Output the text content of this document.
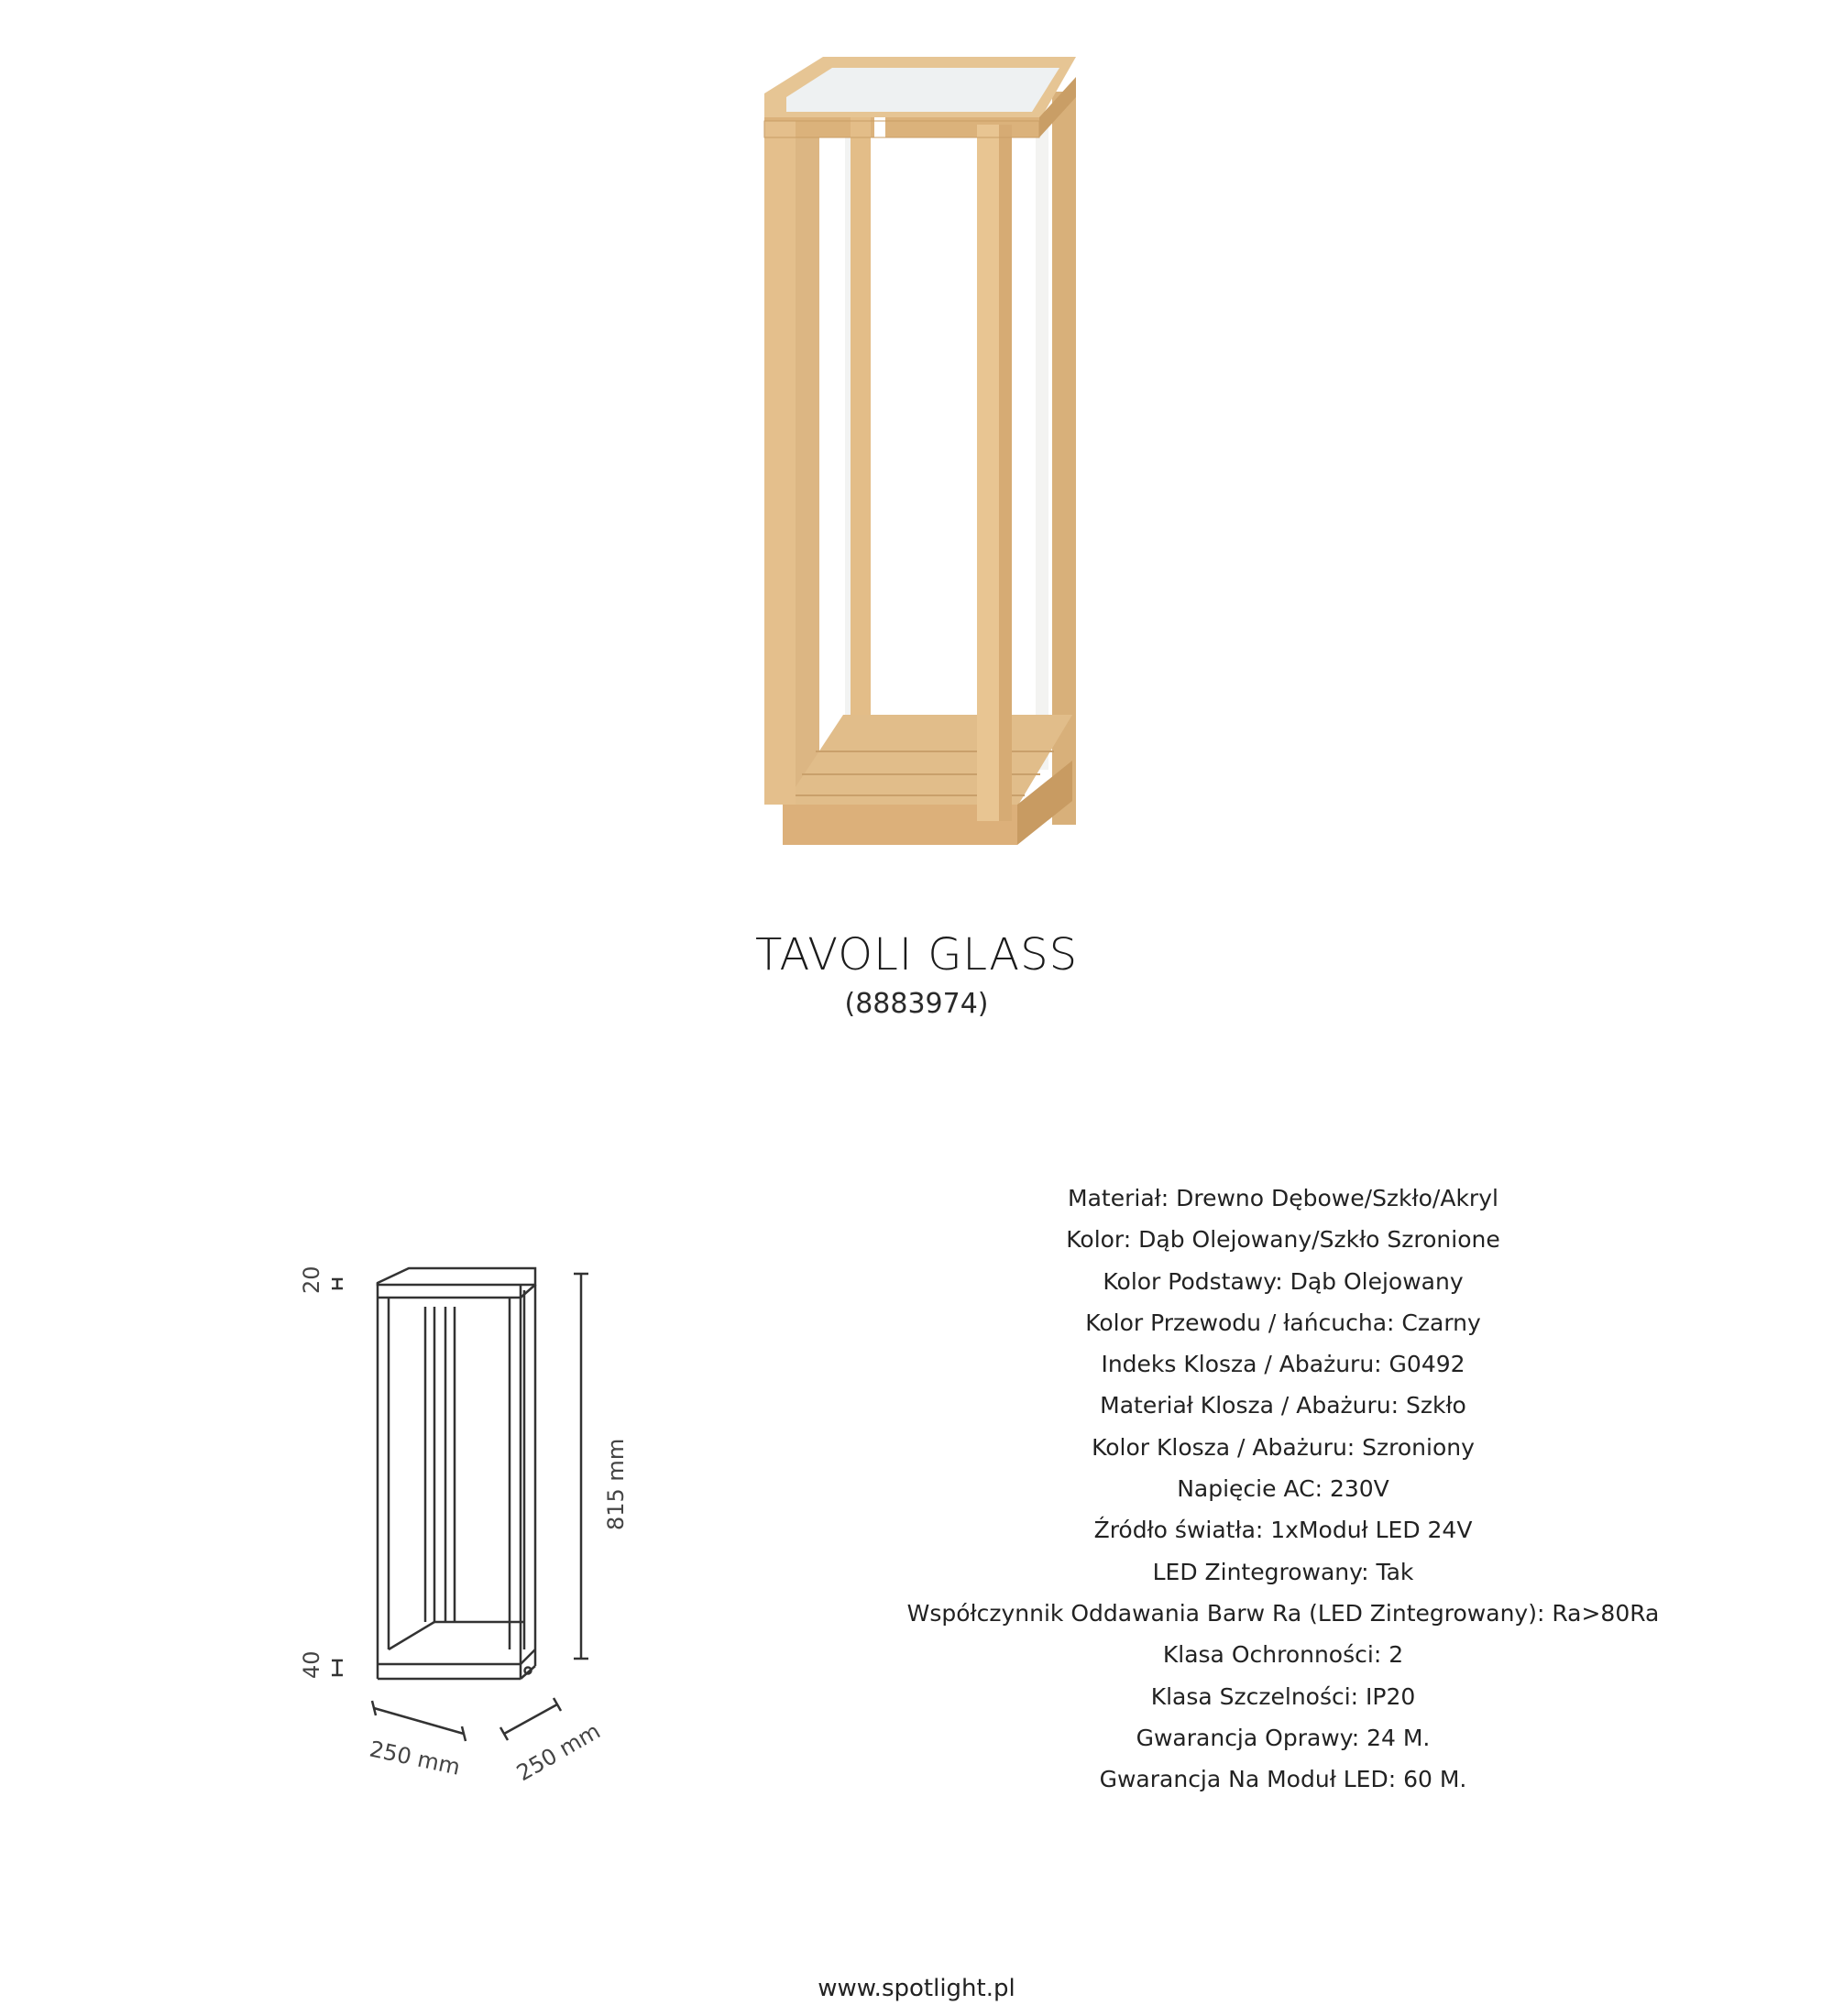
TAVOLI GLASS
(8883974)
20
40
815 mm
250 mm 250 mm
Materiał: Drewno Dębowe/Szkło/Akryl
Kolor: Dąb Olejowany/Szkło Szronione
Kolor Podstawy: Dąb Olejowany
Kolor Przewodu / łańcucha: Czarny
Indeks Klosza / Abażuru: G0492
Materiał Klosza / Abażuru: Szkło
Kolor Klosza / Abażuru: Szroniony
Napięcie AC: 230V
Źródło światła: 1xModuł LED 24V
LED Zintegrowany: Tak
Współczynnik Oddawania Barw Ra (LED Zintegrowany): Ra>80Ra
Klasa Ochronności: 2
Klasa Szczelności: IP20
Gwarancja Oprawy: 24 M.
Gwarancja Na Moduł LED: 60 M.
www.spotlight.pl
